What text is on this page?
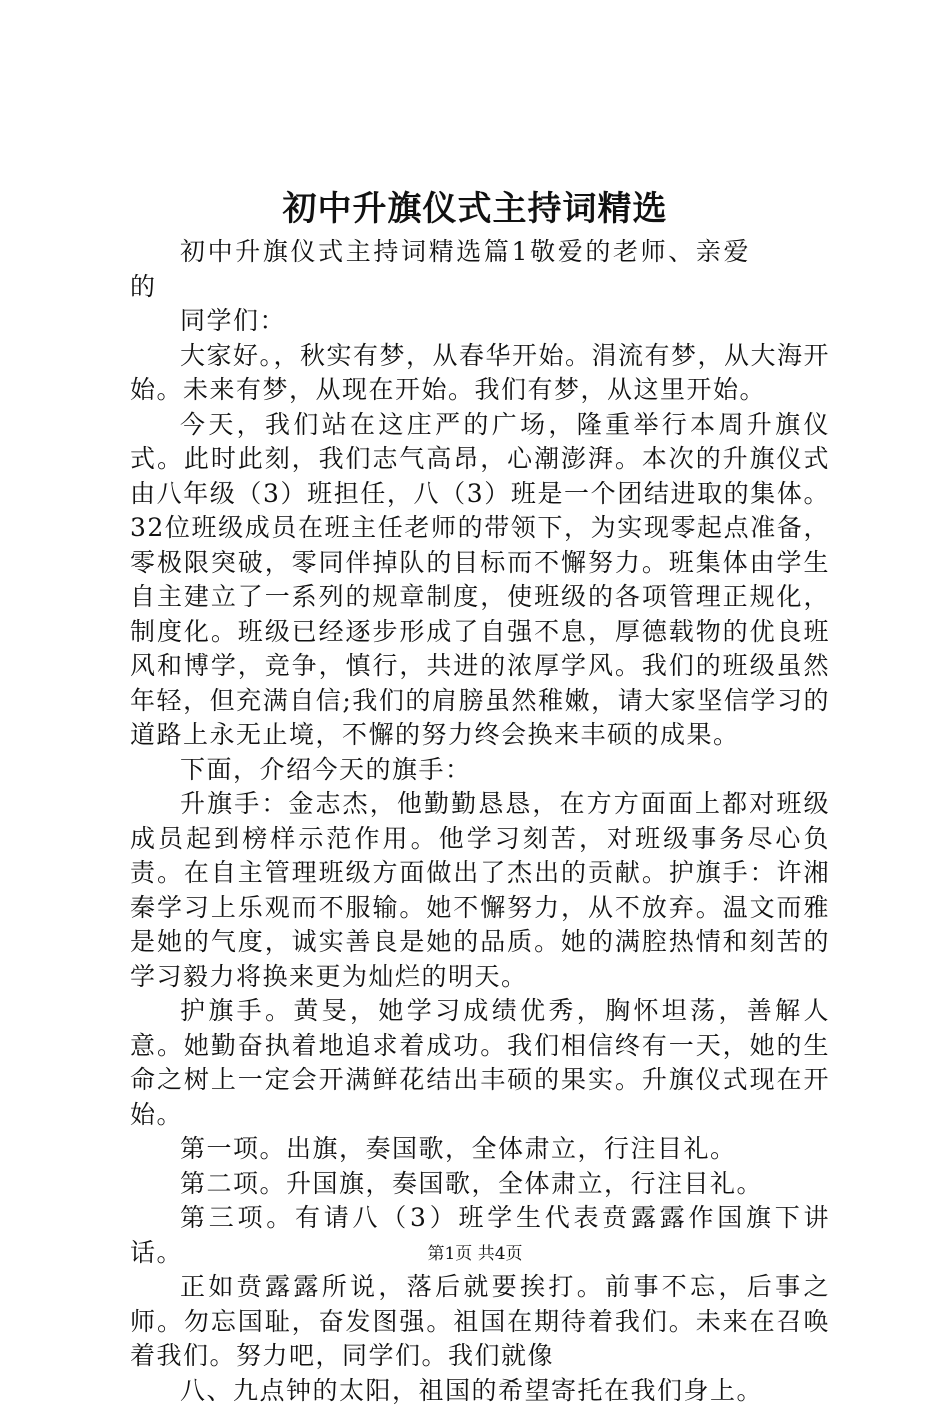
初中升旗仪式主持词精选

初中升旗仪式主持词精选篇1敬爱的老师、亲爱的

同学们：

大家好。，秋实有梦，从春华开始。涓流有梦，从大海开始。未来有梦，从现在开始。我们有梦，从这里开始。

今天，我们站在这庄严的广场，隆重举行本周升旗仪式。此时此刻，我们志气高昂，心潮澎湃。本次的升旗仪式由八年级（3）班担任，八（3）班是一个团结进取的集体。32位班级成员在班主任老师的带领下，为实现零起点准备，零极限突破，零同伴掉队的目标而不懈努力。班集体由学生自主建立了一系列的规章制度，使班级的各项管理正规化，制度化。班级已经逐步形成了自强不息，厚德载物的优良班风和博学，竞争，慎行，共进的浓厚学风。我们的班级虽然年轻，但充满自信;我们的肩膀虽然稚嫩，请大家坚信学习的道路上永无止境，不懈的努力终会换来丰硕的成果。

下面，介绍今天的旗手：

升旗手：金志杰，他勤勤恳恳，在方方面面上都对班级成员起到榜样示范作用。他学习刻苦，对班级事务尽心负责。在自主管理班级方面做出了杰出的贡献。护旗手：许湘秦学习上乐观而不服输。她不懈努力，从不放弃。温文而雅是她的气度，诚实善良是她的品质。她的满腔热情和刻苦的学习毅力将换来更为灿烂的明天。

护旗手。黄旻，她学习成绩优秀，胸怀坦荡，善解人意。她勤奋执着地追求着成功。我们相信终有一天，她的生命之树上一定会开满鲜花结出丰硕的果实。升旗仪式现在开始。

第一项。出旗，奏国歌，全体肃立，行注目礼。

第二项。升国旗，奏国歌，全体肃立，行注目礼。

第三项。有请八（3）班学生代表贲露露作国旗下讲话。

正如贲露露所说，落后就要挨打。前事不忘，后事之师。勿忘国耻，奋发图强。祖国在期待着我们。未来在召唤着我们。努力吧，同学们。我们就像

八、九点钟的太阳，祖国的希望寄托在我们身上。

第1页 共4页
